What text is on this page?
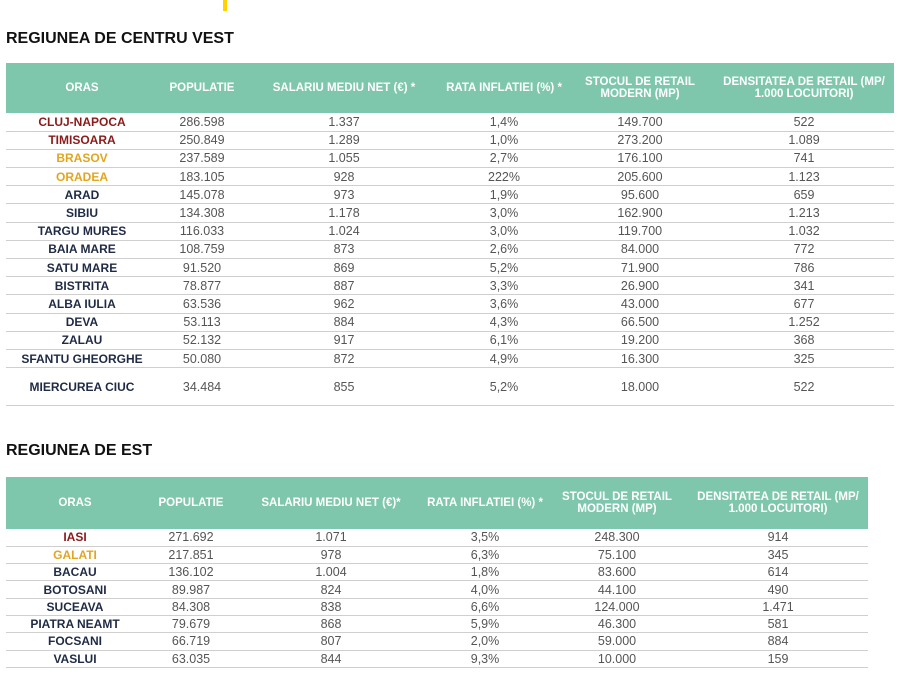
REGIUNEA DE CENTRU VEST
ORAS	POPULATIE	SALARIU MEDIU NET (€) *	RATA INFLATIEI (%) *	STOCUL DE RETAIL MODERN (MP)	DENSITATEA DE RETAIL (MP/ 1.000 LOCUITORI)
CLUJ-NAPOCA	286.598	1.337	1,4%	149.700	522
TIMISOARA	250.849	1.289	1,0%	273.200	1.089
BRASOV	237.589	1.055	2,7%	176.100	741
ORADEA	183.105	928	222%	205.600	1.123
ARAD	145.078	973	1,9%	95.600	659
SIBIU	134.308	1.178	3,0%	162.900	1.213
TARGU MURES	116.033	1.024	3,0%	119.700	1.032
BAIA MARE	108.759	873	2,6%	84.000	772
SATU MARE	91.520	869	5,2%	71.900	786
BISTRITA	78.877	887	3,3%	26.900	341
ALBA IULIA	63.536	962	3,6%	43.000	677
DEVA	53.113	884	4,3%	66.500	1.252
ZALAU	52.132	917	6,1%	19.200	368
SFANTU GHEORGHE	50.080	872	4,9%	16.300	325
MIERCUREA CIUC	34.484	855	5,2%	18.000	522
REGIUNEA DE EST
ORAS	POPULATIE	SALARIU MEDIU NET (€)*	RATA INFLATIEI (%) *	STOCUL DE RETAIL MODERN (MP)	DENSITATEA DE RETAIL (MP/ 1.000 LOCUITORI)
IASI	271.692	1.071	3,5%	248.300	914
GALATI	217.851	978	6,3%	75.100	345
BACAU	136.102	1.004	1,8%	83.600	614
BOTOSANI	89.987	824	4,0%	44.100	490
SUCEAVA	84.308	838	6,6%	124.000	1.471
PIATRA NEAMT	79.679	868	5,9%	46.300	581
FOCSANI	66.719	807	2,0%	59.000	884
VASLUI	63.035	844	9,3%	10.000	159
